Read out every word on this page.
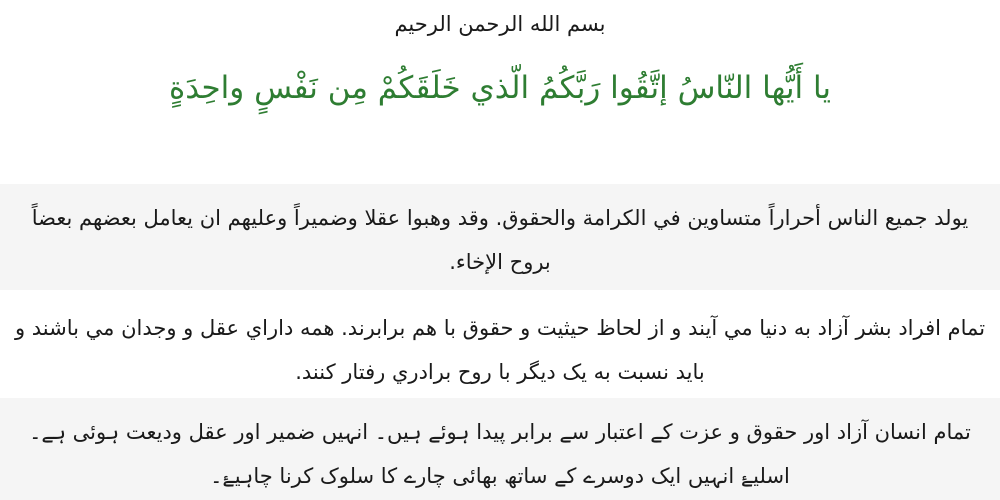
بسم الله الرحمن الرحيم
يا أَيُّها النّاسُ إتَّقُوا رَبَّكُمُ الّذي خَلَقَكُمْ مِن نَفْسٍ واحِدَةٍ
يولد جميع الناس أحراراً متساوين في الكرامة والحقوق. وقد وهبوا عقلا وضميراً وعليهم ان يعامل بعضهم بعضاً بروح الإخاء.
تمام افراد بشر آزاد به دنيا مي آيند و از لحاظ حيثيت و حقوق با هم برابرند. همه داراي عقل و وجدان مي باشند و بايد نسبت به يک ديگر با روح برادري رفتار کنند.
تمام انسان آزاد اور حقوق و عزت کے اعتبار سے برابر پیدا ہوئے ہیں۔ انہیں ضمیر اور عقل ودیعت ہوئی ہے۔ اسلیۓ انہیں ایک دوسرے کے ساتھ بھائی چارے کا سلوک کرنا چاہیۓ۔
